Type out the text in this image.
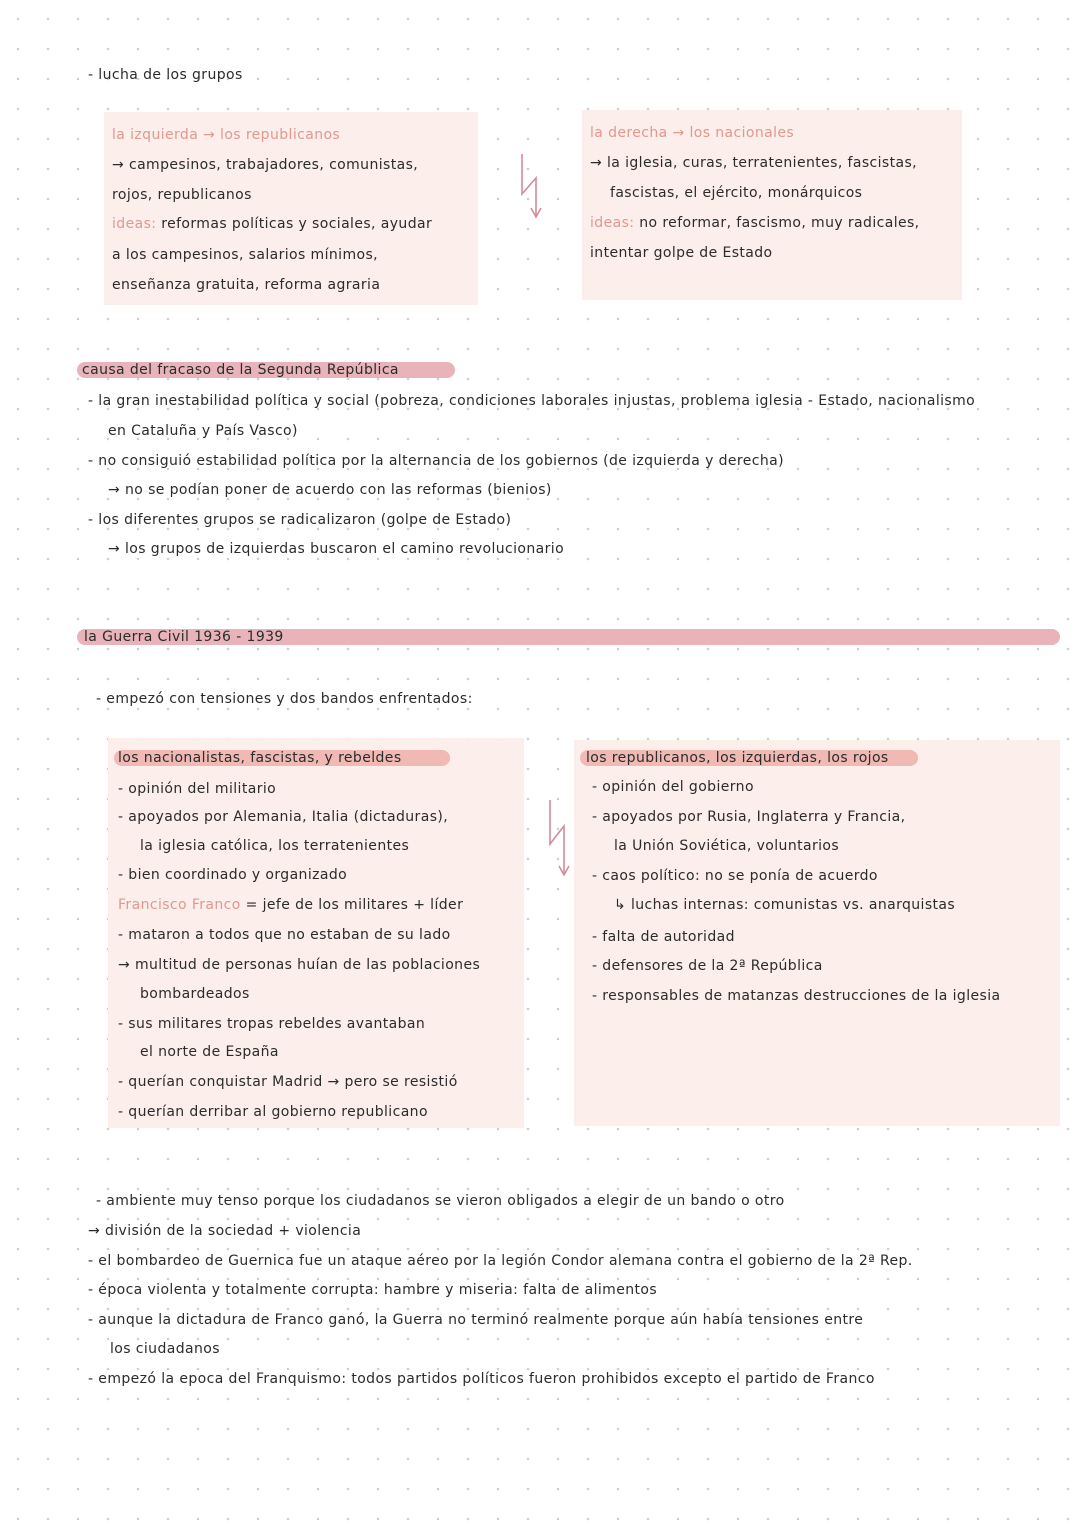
- lucha de los grupos
la izquierda → los republicanos
→ campesinos, trabajadores, comunistas,
rojos, republicanos
ideas: reformas políticas y sociales, ayudar
a los campesinos, salarios mínimos,
enseñanza gratuita, reforma agraria
la derecha → los nacionales
→ la iglesia, curas, terratenientes, fascistas,
fascistas, el ejército, monárquicos
ideas: no reformar, fascismo, muy radicales,
intentar golpe de Estado
causa del fracaso de la Segunda República
- la gran inestabilidad política y social (pobreza, condiciones laborales injustas, problema iglesia - Estado, nacionalismo
en Cataluña y País Vasco)
- no consiguió estabilidad política por la alternancia de los gobiernos (de izquierda y derecha)
→ no se podían poner de acuerdo con las reformas (bienios)
- los diferentes grupos se radicalizaron (golpe de Estado)
→ los grupos de izquierdas buscaron el camino revolucionario
la Guerra Civil 1936 - 1939
- empezó con tensiones y dos bandos enfrentados:
los nacionalistas, fascistas, y rebeldes
- opinión del militario
- apoyados por Alemania, Italia (dictaduras),
la iglesia católica, los terratenientes
- bien coordinado y organizado
Francisco Franco = jefe de los militares + líder
- mataron a todos que no estaban de su lado
→ multitud de personas huían de las poblaciones
bombardeados
- sus militares tropas rebeldes avantaban
el norte de España
- querían conquistar Madrid → pero se resistió
- querían derribar al gobierno republicano
los republicanos, los izquierdas, los rojos
- opinión del gobierno
- apoyados por Rusia, Inglaterra y Francia,
la Unión Soviética, voluntarios
- caos político: no se ponía de acuerdo
↳ luchas internas: comunistas vs. anarquistas
- falta de autoridad
- defensores de la 2ª República
- responsables de matanzas destrucciones de la iglesia
- ambiente muy tenso porque los ciudadanos se vieron obligados a elegir de un bando o otro
→ división de la sociedad + violencia
- el bombardeo de Guernica fue un ataque aéreo por la legión Condor alemana contra el gobierno de la 2ª Rep.
- época violenta y totalmente corrupta: hambre y miseria: falta de alimentos
- aunque la dictadura de Franco ganó, la Guerra no terminó realmente porque aún había tensiones entre
los ciudadanos
- empezó la epoca del Franquismo: todos partidos políticos fueron prohibidos excepto el partido de Franco
